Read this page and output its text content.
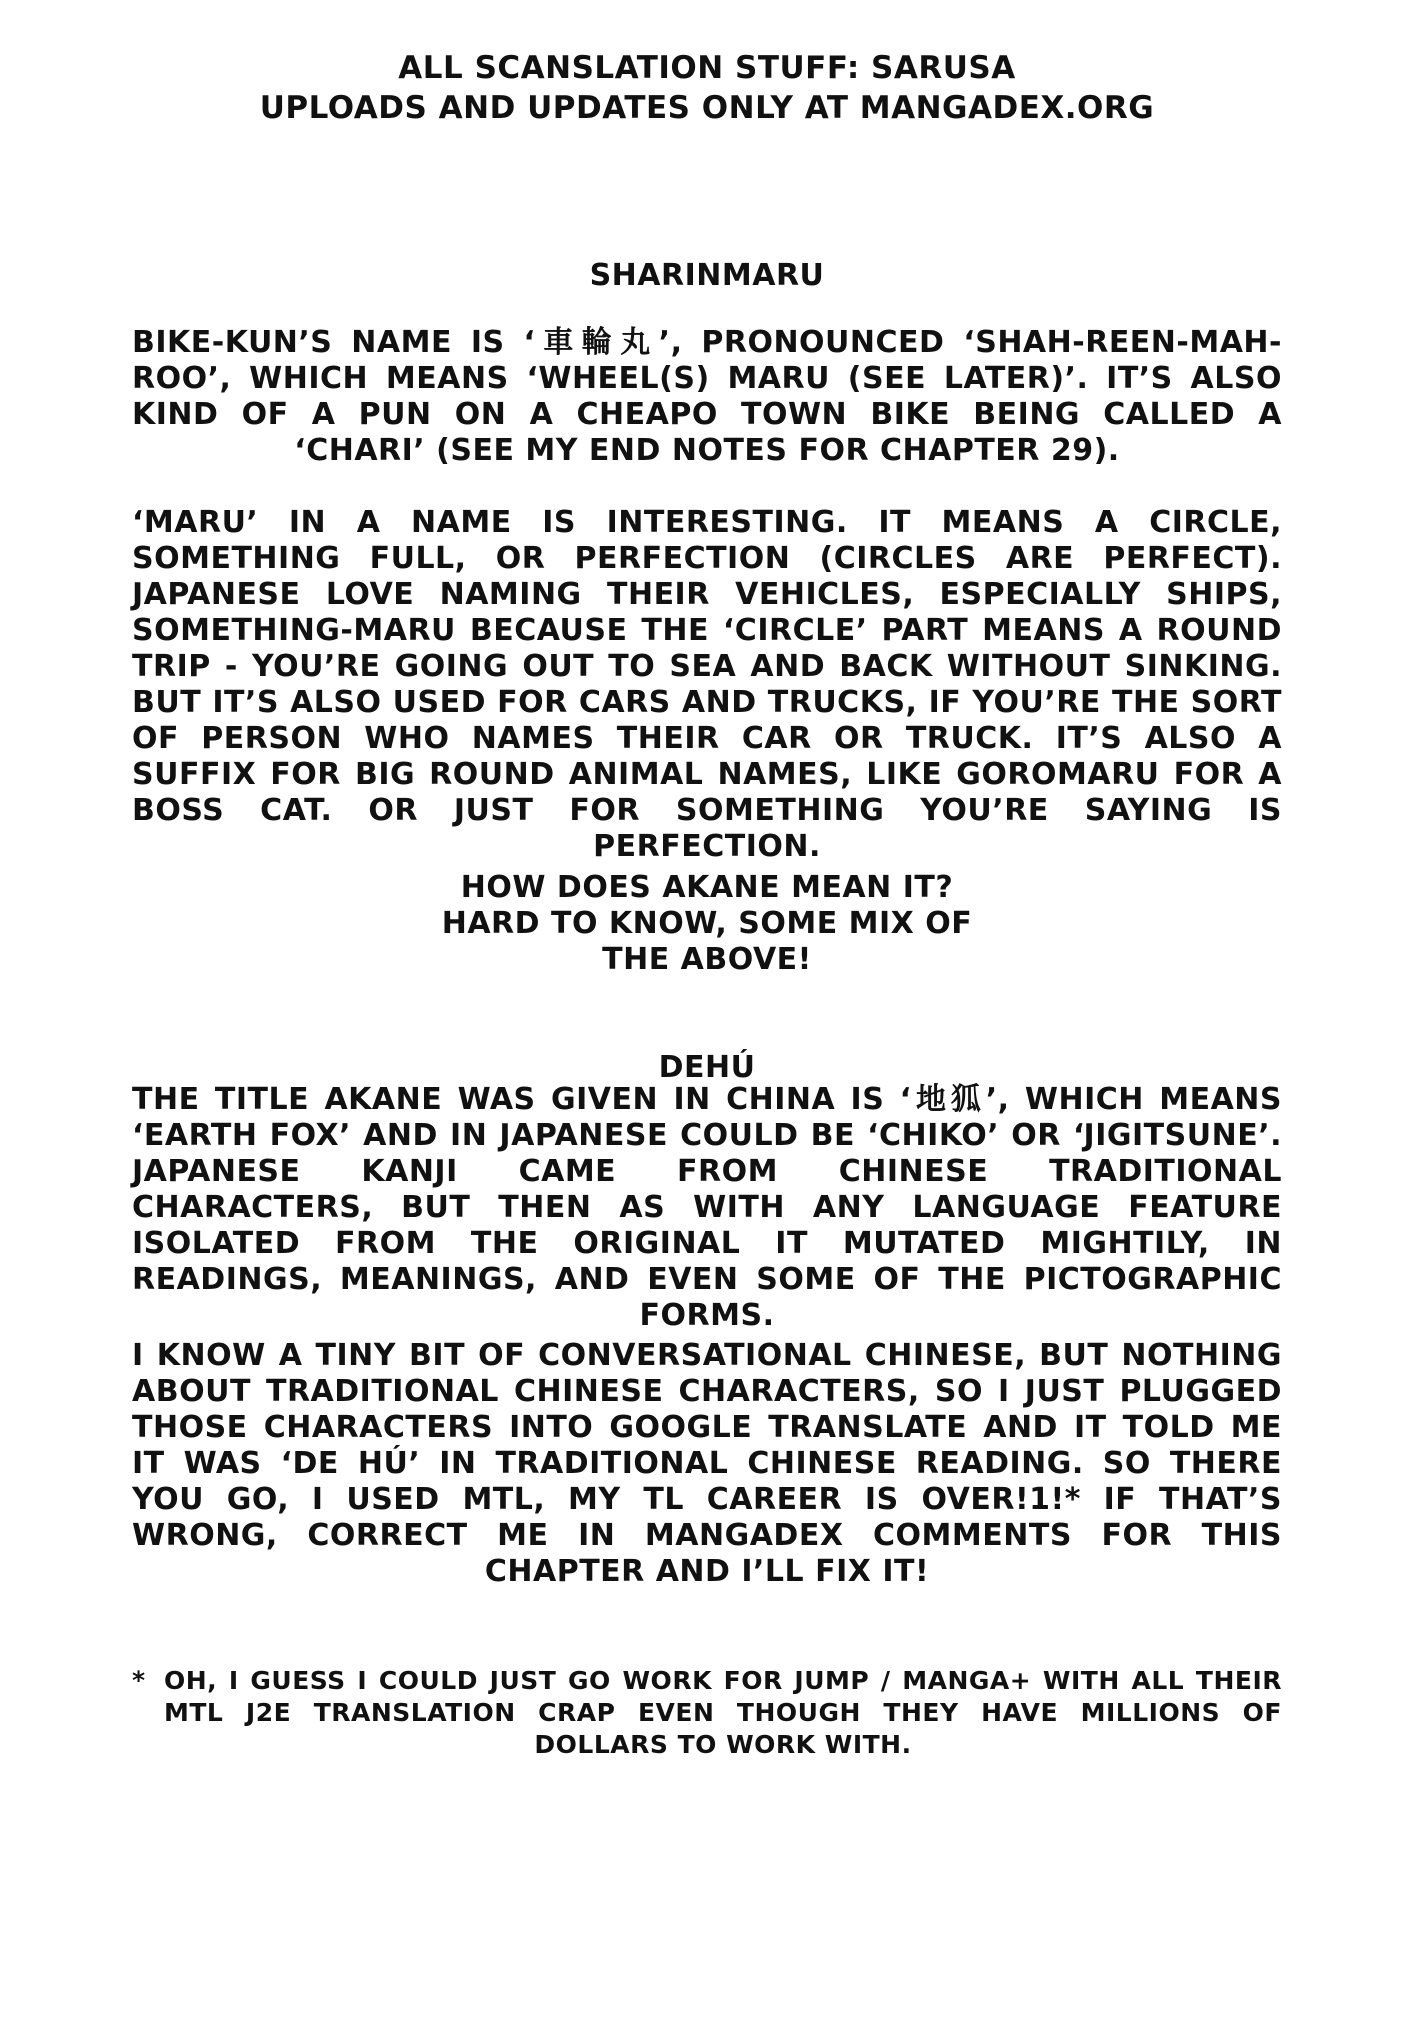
ALL SCANSLATION STUFF: SARUSA
UPLOADS AND UPDATES ONLY AT MANGADEX.ORG
SHARINMARU

BIKE-KUN’S NAME IS ‘車輪丸’, PRONOUNCED ‘SHAH-REEN-MAH-ROO’, WHICH MEANS ‘WHEEL(S) MARU (SEE LATER)’. IT’S ALSO KIND OF A PUN ON A CHEAPO TOWN BIKE BEING CALLED A ‘CHARI’ (SEE MY END NOTES FOR CHAPTER 29).

‘MARU’ IN A NAME IS INTERESTING. IT MEANS A CIRCLE, SOMETHING FULL, OR PERFECTION (CIRCLES ARE PERFECT). JAPANESE LOVE NAMING THEIR VEHICLES, ESPECIALLY SHIPS, SOMETHING-MARU BECAUSE THE ‘CIRCLE’ PART MEANS A ROUND TRIP - YOU’RE GOING OUT TO SEA AND BACK WITHOUT SINKING. BUT IT’S ALSO USED FOR CARS AND TRUCKS, IF YOU’RE THE SORT OF PERSON WHO NAMES THEIR CAR OR TRUCK. IT’S ALSO A SUFFIX FOR BIG ROUND ANIMAL NAMES, LIKE GOROMARU FOR A BOSS CAT. OR JUST FOR SOMETHING YOU’RE SAYING IS PERFECTION.

HOW DOES AKANE MEAN IT? HARD TO KNOW, SOME MIX OF THE ABOVE!

DEHÚ

THE TITLE AKANE WAS GIVEN IN CHINA IS ‘地狐’, WHICH MEANS ‘EARTH FOX’ AND IN JAPANESE COULD BE ‘CHIKO’ OR ‘JIGITSUNE’. JAPANESE KANJI CAME FROM CHINESE TRADITIONAL CHARACTERS, BUT THEN AS WITH ANY LANGUAGE FEATURE ISOLATED FROM THE ORIGINAL IT MUTATED MIGHTILY, IN READINGS, MEANINGS, AND EVEN SOME OF THE PICTOGRAPHIC FORMS.

I KNOW A TINY BIT OF CONVERSATIONAL CHINESE, BUT NOTHING ABOUT TRADITIONAL CHINESE CHARACTERS, SO I JUST PLUGGED THOSE CHARACTERS INTO GOOGLE TRANSLATE AND IT TOLD ME IT WAS ‘DE HÚ’ IN TRADITIONAL CHINESE READING. SO THERE YOU GO, I USED MTL, MY TL CAREER IS OVER!1!* IF THAT’S WRONG, CORRECT ME IN MANGADEX COMMENTS FOR THIS CHAPTER AND I’LL FIX IT!

* OH, I GUESS I COULD JUST GO WORK FOR JUMP / MANGA+ WITH ALL THEIR MTL J2E TRANSLATION CRAP EVEN THOUGH THEY HAVE MILLIONS OF DOLLARS TO WORK WITH.
